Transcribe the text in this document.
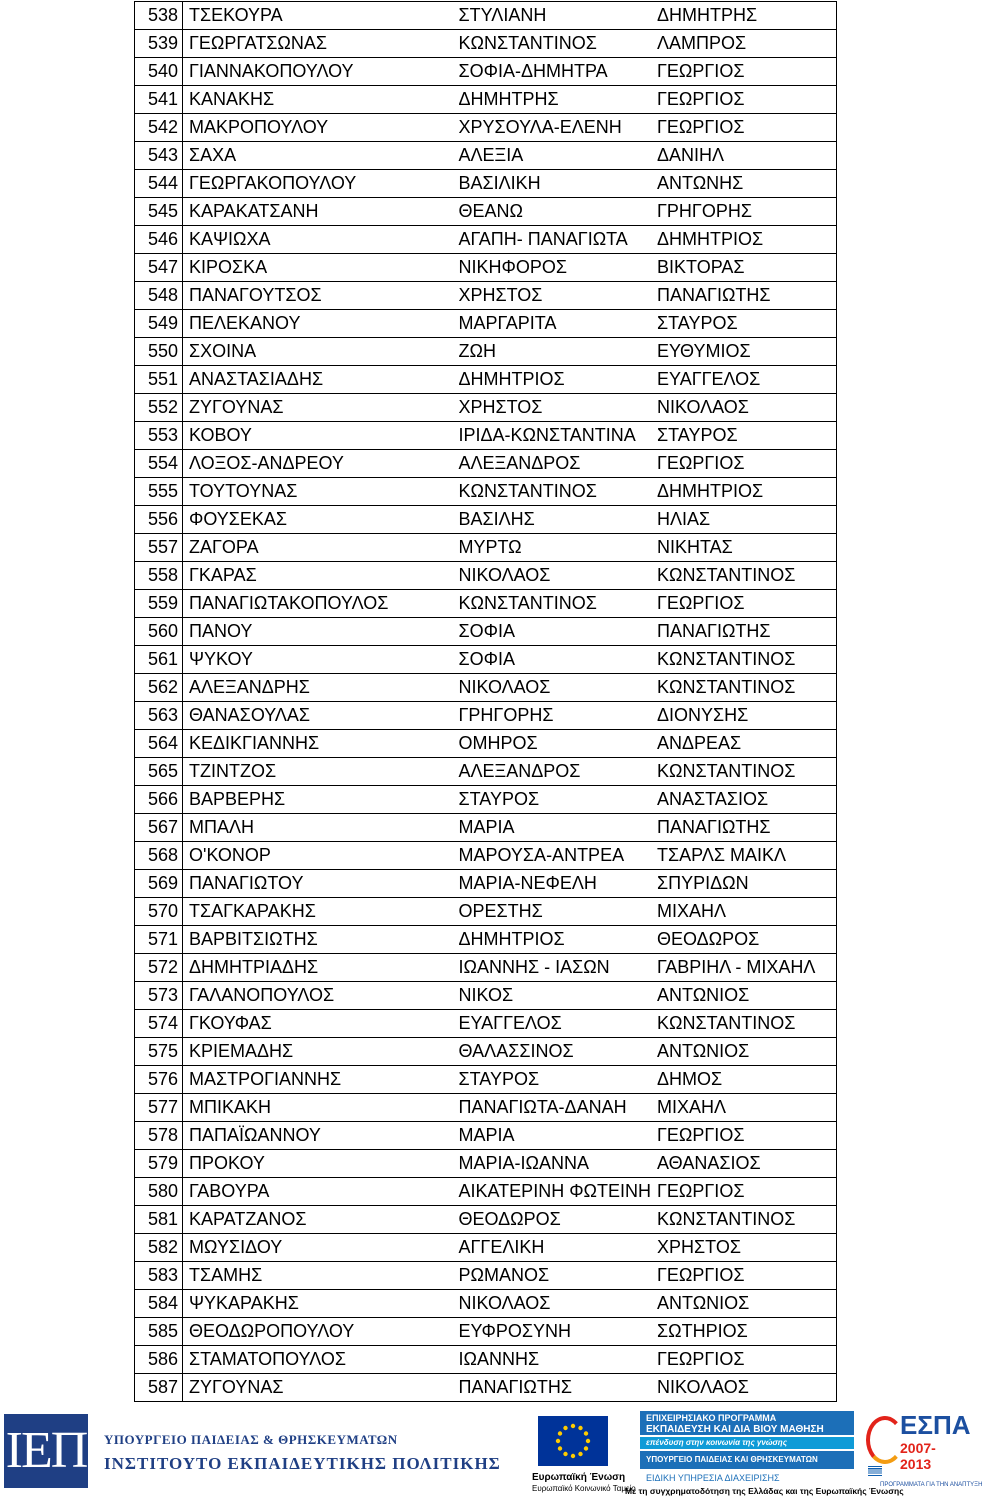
538	ΤΣΕΚΟΥΡΑ	ΣΤΥΛΙΑΝΗ	ΔΗΜΗΤΡΗΣ
539	ΓΕΩΡΓΑΤΣΩΝΑΣ	ΚΩΝΣΤΑΝΤΙΝΟΣ	ΛΑΜΠΡΟΣ
540	ΓΙΑΝΝΑΚΟΠΟΥΛΟΥ	ΣΟΦΙΑ-ΔΗΜΗΤΡΑ	ΓΕΩΡΓΙΟΣ
541	ΚΑΝΑΚΗΣ	ΔΗΜΗΤΡΗΣ	ΓΕΩΡΓΙΟΣ
542	ΜΑΚΡΟΠΟΥΛΟΥ	ΧΡΥΣΟΥΛΑ-ΕΛΕΝΗ	ΓΕΩΡΓΙΟΣ
543	ΣΑΧΑ	ΑΛΕΞΙΑ	ΔΑΝΙΗΛ
544	ΓΕΩΡΓΑΚΟΠΟΥΛΟΥ	ΒΑΣΙΛΙΚΗ	ΑΝΤΩΝΗΣ
545	ΚΑΡΑΚΑΤΣΑΝΗ	ΘΕΑΝΩ	ΓΡΗΓΟΡΗΣ
546	ΚΑΨΙΩΧΑ	ΑΓΑΠΗ- ΠΑΝΑΓΙΩΤΑ	ΔΗΜΗΤΡΙΟΣ
547	ΚΙΡΟΣΚΑ	ΝΙΚΗΦΟΡΟΣ	ΒΙΚΤΟΡΑΣ
548	ΠΑΝΑΓΟΥΤΣΟΣ	ΧΡΗΣΤΟΣ	ΠΑΝΑΓΙΩΤΗΣ
549	ΠΕΛΕΚΑΝΟΥ	ΜΑΡΓΑΡΙΤΑ	ΣΤΑΥΡΟΣ
550	ΣΧΟΙΝΑ	ΖΩΗ	ΕΥΘΥΜΙΟΣ
551	ΑΝΑΣΤΑΣΙΑΔΗΣ	ΔΗΜΗΤΡΙΟΣ	ΕΥΑΓΓΕΛΟΣ
552	ΖΥΓΟΥΝΑΣ	ΧΡΗΣΤΟΣ	ΝΙΚΟΛΑΟΣ
553	ΚΟΒΟΥ	ΙΡΙΔΑ-ΚΩΝΣΤΑΝΤΙΝΑ	ΣΤΑΥΡΟΣ
554	ΛΟΞΟΣ-ΑΝΔΡΕΟΥ	ΑΛΕΞΑΝΔΡΟΣ	ΓΕΩΡΓΙΟΣ
555	ΤΟΥΤΟΥΝΑΣ	ΚΩΝΣΤΑΝΤΙΝΟΣ	ΔΗΜΗΤΡΙΟΣ
556	ΦΟΥΣΕΚΑΣ	ΒΑΣΙΛΗΣ	ΗΛΙΑΣ
557	ΖΑΓΟΡΑ	ΜΥΡΤΩ	ΝΙΚΗΤΑΣ
558	ΓΚΑΡΑΣ	ΝΙΚΟΛΑΟΣ	ΚΩΝΣΤΑΝΤΙΝΟΣ
559	ΠΑΝΑΓΙΩΤΑΚΟΠΟΥΛΟΣ	ΚΩΝΣΤΑΝΤΙΝΟΣ	ΓΕΩΡΓΙΟΣ
560	ΠΑΝΟΥ	ΣΟΦΙΑ	ΠΑΝΑΓΙΩΤΗΣ
561	ΨΥΚΟΥ	ΣΟΦΙΑ	ΚΩΝΣΤΑΝΤΙΝΟΣ
562	ΑΛΕΞΑΝΔΡΗΣ	ΝΙΚΟΛΑΟΣ	ΚΩΝΣΤΑΝΤΙΝΟΣ
563	ΘΑΝΑΣΟΥΛΑΣ	ΓΡΗΓΟΡΗΣ	ΔΙΟΝΥΣΗΣ
564	ΚΕΔΙΚΓΙΑΝΝΗΣ	ΟΜΗΡΟΣ	ΑΝΔΡΕΑΣ
565	ΤΖΙΝΤΖΟΣ	ΑΛΕΞΑΝΔΡΟΣ	ΚΩΝΣΤΑΝΤΙΝΟΣ
566	ΒΑΡΒΕΡΗΣ	ΣΤΑΥΡΟΣ	ΑΝΑΣΤΑΣΙΟΣ
567	ΜΠΑΛΗ	ΜΑΡΙΑ	ΠΑΝΑΓΙΩΤΗΣ
568	Ο'ΚΟΝΟΡ	ΜΑΡΟΥΣΑ-ΑΝΤΡΕΑ	ΤΣΑΡΛΣ ΜΑΙΚΛ
569	ΠΑΝΑΓΙΩΤΟΥ	ΜΑΡΙΑ-ΝΕΦΕΛΗ	ΣΠΥΡΙΔΩΝ
570	ΤΣΑΓΚΑΡΑΚΗΣ	ΟΡΕΣΤΗΣ	ΜΙΧΑΗΛ
571	ΒΑΡΒΙΤΣΙΩΤΗΣ	ΔΗΜΗΤΡΙΟΣ	ΘΕΟΔΩΡΟΣ
572	ΔΗΜΗΤΡΙΑΔΗΣ	ΙΩΑΝΝΗΣ - ΙΑΣΩΝ	ΓΑΒΡΙΗΛ - ΜΙΧΑΗΛ
573	ΓΑΛΑΝΟΠΟΥΛΟΣ	ΝΙΚΟΣ	ΑΝΤΩΝΙΟΣ
574	ΓΚΟΥΦΑΣ	ΕΥΑΓΓΕΛΟΣ	ΚΩΝΣΤΑΝΤΙΝΟΣ
575	ΚΡΙΕΜΑΔΗΣ	ΘΑΛΑΣΣΙΝΟΣ	ΑΝΤΩΝΙΟΣ
576	ΜΑΣΤΡΟΓΙΑΝΝΗΣ	ΣΤΑΥΡΟΣ	ΔΗΜΟΣ
577	ΜΠΙΚΑΚΗ	ΠΑΝΑΓΙΩΤΑ-ΔΑΝΑΗ	ΜΙΧΑΗΛ
578	ΠΑΠΑΪΩΑΝΝΟΥ	ΜΑΡΙΑ	ΓΕΩΡΓΙΟΣ
579	ΠΡΟΚΟΥ	ΜΑΡΙΑ-ΙΩΑΝΝΑ	ΑΘΑΝΑΣΙΟΣ
580	ΓΑΒΟΥΡΑ	ΑΙΚΑΤΕΡΙΝΗ ΦΩΤΕΙΝΗ	ΓΕΩΡΓΙΟΣ
581	ΚΑΡΑΤΖΑΝΟΣ	ΘΕΟΔΩΡΟΣ	ΚΩΝΣΤΑΝΤΙΝΟΣ
582	ΜΩΥΣΙΔΟΥ	ΑΓΓΕΛΙΚΗ	ΧΡΗΣΤΟΣ
583	ΤΣΑΜΗΣ	ΡΩΜΑΝΟΣ	ΓΕΩΡΓΙΟΣ
584	ΨΥΚΑΡΑΚΗΣ	ΝΙΚΟΛΑΟΣ	ΑΝΤΩΝΙΟΣ
585	ΘΕΟΔΩΡΟΠΟΥΛΟΥ	ΕΥΦΡΟΣΥΝΗ	ΣΩΤΗΡΙΟΣ
586	ΣΤΑΜΑΤΟΠΟΥΛΟΣ	ΙΩΑΝΝΗΣ	ΓΕΩΡΓΙΟΣ
587	ΖΥΓΟΥΝΑΣ	ΠΑΝΑΓΙΩΤΗΣ	ΝΙΚΟΛΑΟΣ
ΙΕΠ ΥΠΟΥΡΓΕΙΟ ΠΑΙΔΕΙΑΣ & ΘΡΗΣΚΕΥΜΑΤΩΝ
ΙΝΣΤΙΤΟΥΤΟ ΕΚΠΑΙΔΕΥΤΙΚΗΣ ΠΟΛΙΤΙΚΗΣ
Ευρωπαϊκή Ένωση
Ευρωπαϊκό Κοινωνικό Ταμείο
ΕΠΙΧΕΙΡΗΣΙΑΚΟ ΠΡΟΓΡΑΜΜΑ
ΕΚΠΑΙΔΕΥΣΗ ΚΑΙ ΔΙΑ ΒΙΟΥ ΜΑΘΗΣΗ
επένδυση στην κοινωνία της γνώσης
ΥΠΟΥΡΓΕΙΟ ΠΑΙΔΕΙΑΣ ΚΑΙ ΘΡΗΣΚΕΥΜΑΤΩΝ
ΕΙΔΙΚΗ ΥΠΗΡΕΣΙΑ ΔΙΑΧΕΙΡΙΣΗΣ
Με τη συγχρηματοδότηση της Ελλάδας και της Ευρωπαϊκής Ένωσης
ΕΣΠΑ
2007-2013
ΠΡΟΓΡΑΜΜΑΤΑ ΓΙΑ ΤΗΝ ΑΝΑΠΤΥΞΗ
